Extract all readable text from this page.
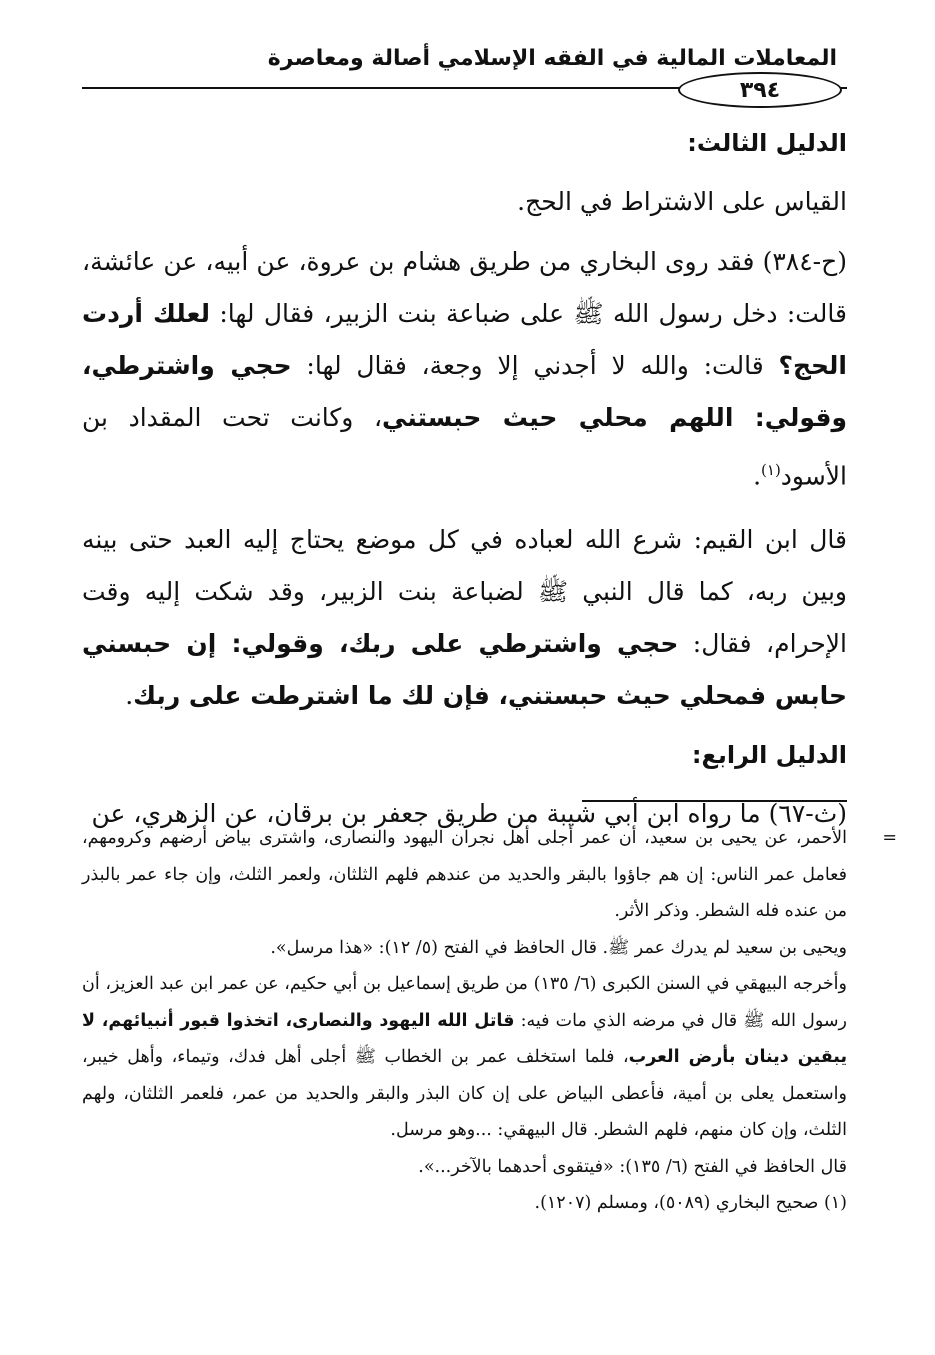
المعاملات المالية في الفقه الإسلامي أصالة ومعاصرة
٣٩٤

الدليل الثالث:

القياس على الاشتراط في الحج.

(ح-٣٨٤) فقد روى البخاري من طريق هشام بن عروة، عن أبيه، عن عائشة، قالت: دخل رسول الله ﷺ على ضباعة بنت الزبير، فقال لها: لعلك أردت الحج؟ قالت: والله لا أجدني إلا وجعة، فقال لها: حجي واشترطي، وقولي: اللهم محلي حيث حبستني، وكانت تحت المقداد بن الأسود$^{(١)}$.

قال ابن القيم: شرع الله لعباده في كل موضع يحتاج إليه العبد حتى بينه وبين ربه، كما قال النبي ﷺ لضباعة بنت الزبير، وقد شكت إليه وقت الإحرام، فقال: حجي واشترطي على ربك، وقولي: إن حبسني حابس فمحلي حيث حبستني، فإن لك ما اشترطت على ربك.

الدليل الرابع:

(ث-٦٧) ما رواه ابن أبي شيبة من طريق جعفر بن برقان، عن الزهري، عن

=

الأحمر، عن يحيى بن سعيد، أن عمر أجلى أهل نجران اليهود والنصارى، واشترى بياض أرضهم وكرومهم، فعامل عمر الناس: إن هم جاؤوا بالبقر والحديد من عندهم فلهم الثلثان، ولعمر الثلث، وإن جاء عمر بالبذر من عنده فله الشطر. وذكر الأثر.

ويحيى بن سعيد لم يدرك عمر ﷺ. قال الحافظ في الفتح (٥/ ١٢): «هذا مرسل».

وأخرجه البيهقي في السنن الكبرى (٦/ ١٣٥) من طريق إسماعيل بن أبي حكيم، عن عمر ابن عبد العزيز، أن رسول الله ﷺ قال في مرضه الذي مات فيه: قاتل الله اليهود والنصارى، اتخذوا قبور أنبيائهم، لا يبقين دينان بأرض العرب، فلما استخلف عمر بن الخطاب ﷺ أجلى أهل فدك، وتيماء، وأهل خيبر، واستعمل يعلى بن أمية، فأعطى البياض على إن كان البذر والبقر والحديد من عمر، فلعمر الثلثان، ولهم الثلث، وإن كان منهم، فلهم الشطر. قال البيهقي: ...وهو مرسل.

قال الحافظ في الفتح (٦/ ١٣٥): «فيتقوى أحدهما بالآخر...».

(١) صحيح البخاري (٥٠٨٩)، ومسلم (١٢٠٧).
